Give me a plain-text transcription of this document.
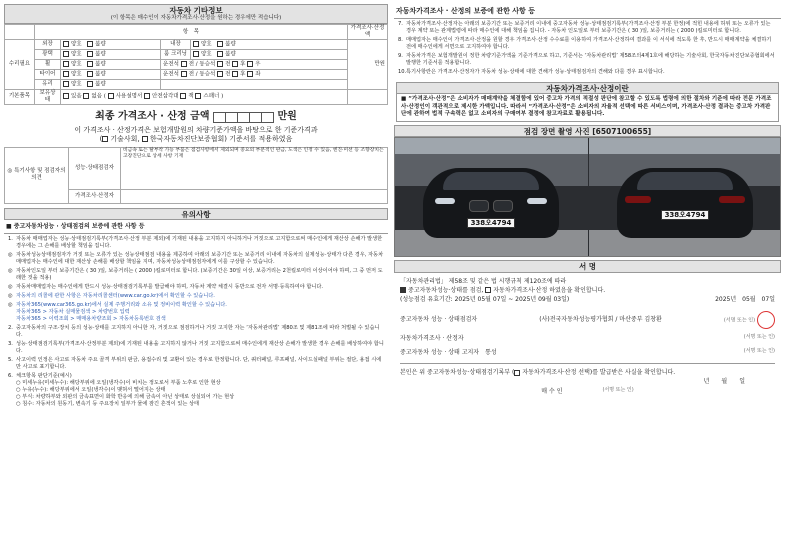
자동차 기타정보
(이 항목은 매수인이 자동차가격조사·산정을 원하는 경우에만 적습니다)
	항　목				가격조사·산정액
수리필요	외장	양호　 불량	내장	양호　 불량	만원
	광택	양호　 불량	룸 크리닝	양호　 불량	
	휠	양호　 불량	운전석 전 / 동승석 전 후 우		
	타이어	양호　 불량	운전석 전 / 동승석 전 후 좌		
	유리	양호　 불량			
기본품목	보유상태	있음 없음 ( 사용설명서 안전삼각대 잭 스패너 )			
최종 가격조사 · 산정 금액	만원
이 가격조사 · 산정가격은 보험개발원의 차량기준가액을 바탕으로 한 기준가격과
( 기술사회, 한국자동차진단보증협회) 기준서를 적용하였음
◎ 특기사항 및 점검자의 의견	성능·상태점검자	비금속 또는 탈부착 가능 부품은 점검사항에서 제외되며 중요의 부분적인 판금, 도색은 인정 수 있음, 엔진·미션 등 조향장치는 고장진단으로 상세 사항 기재
	가격조사·산정자	
유의사항
■ 중고자동차성능 · 상태점검의 보증에 관한 사항 등
1. 자동차 매매업자는 성능·상태점검기록부(가격조사·산정 부분 제외)에 기재된 내용을 고지하지 아니하거나 거짓으로 고지함으로써 매수인에게 재산상 손해가 발생한 경우에는 그 손해를 배상할 책임을 집니다.
◎ 자동차성능상태점검자가 거짓 또는 오류가 있는 성능상태점검 내용을 제공하여 아래의 보증기간 또는 보증거리 이내에 자동차의 실제성능·상태가 다른 경우, 자동차매매업자는 매수인에 대한 재산상 손해를 배상할 책임을 지며, 자동차성능상태점검자에게 이를 구상할 수 있습니다.
◎ 자동차인도일 부터 보증기간은 ( 30 )일, 보증거리는 ( 2000 )킬로미터로 합니다. (보증기간은 30일 이상, 보증거리는 2천킬로미터 이상이어야 하며, 그 중 먼저 도래한 것을 적용)
◎ 자동차매매업자는 매수인에게 반드시 성능·상태점검기록부를 발급해야 하며, 자동차 계약 체결시 동반으로 전자 서명·등록하여야 합니다.
◎ 자동차의 리콜에 관한 사항은 자동차리콜센터(www.car.go.kr)에서 확인할 수 있습니다.
◎ 자동차365(www.car365.go.kr)에서 실제 주행거리와 소유 및 정비이력 확인할 수 있습니다.
자동차365 > 자동차 실매물검색 > 차량번호 입력
자동차365 > 이력조회 > 매매용차량조회 > 자동차등록번호 검색
2. 중고자동차의 구조·장치 등의 성능·상태를 고지하지 아니한 자, 거짓으로 점검하거나 거짓 고지한 자는 ‘자동차관리법’ 제80조 및 제81조에 따라 처벌될 수 있습니다.
3. 성능·상태점검기록부(가격조사·산정부분 제외)에 기재된 내용을 고지하지 않거나 거짓 고지함으로써 매수인에게 재산상 손해가 발생한 경우 손해를 배상하여야 합니다.
5. 사고이력 인정은 사고로 자동차 주요 골격 부위의 판금, 용접수리 및 교환이 있는 경우로 한정합니다. 단, 쿼터패널, 루프패널, 사이드실패널 부위는 절단, 용접 시에만 사고로 표기합니다.
6. 체크항목 판단기준(예시)
○ 미세누유(미세누수): 해당부위에 오일(냉각수)이 비치는 정도로서 부품 노후로 인한 현상
○ 누유(누수): 해당부위에서 오일(냉각수)이 맺혀서 떨어지는 상태
○ 부식: 차량하부와 외판의 금속표면이 화학 반응에 의해 금속이 아닌 상태로 상실되어 가는 현상
○ 침수: 자동차의 원동기, 변속기 등 주요장치 일부가 물에 잠긴 흔적이 있는 상태
자동차가격조사 · 산정의 보증에 관한 사항 등
7. 자동차가격조사·산정자는 아래의 보증기간 또는 보증거리 이내에 중고자동차 성능·상태점검기록부(가격조사·산정 부분 한정)에 적힌 내용에 허위 또는 오류가 있는 경우 계약 또는 관계법령에 따라 매수인에 대해 책임을 집니다. - 자동차 인도일로 부터 보증기간은 ( 30 )일, 보증거리는 ( 2000 )킬로미터로 합니다.
8. 매매업자는 매수인이 가격조사·산정을 원할 경우 가격조사·산정 수수료를 이용하여 가격조사·산정하여 결과를 이 서식에 적도록 한 후, 반드시 매매계약을 체결하기 전에 매수인에게 서면으로 고지하여야 합니다.
9. 자동차가격은 보험개발원이 정한 차량기준가액을 기준가격으로 하고, 기준서는 ‘자동차관리법’ 제58조의4제1호에 해당하는 기술사회, 한국자동차진단보증협회에서 발행한 기준서를 적용합니다.
10. 특기사항란은 가격조사·산정자가 자동차 성능·상태에 대한 견해가 성능·상태점검자의 견해와 다를 경우 표시합니다.
자동차가격조사·산정이란
■ “가격조사·산정”은 소비자가 매매계약을 체결함에 있어 중고차 가격의 적절성 판단에 참고할 수 있도록 법령에 의한 절차와 기준에 따라 전문 가격조사·산정인이 객관적으로 제시한 가액입니다. 따라서 “가격조사·산정”은 소비자의 자율적 선택에 따른 서비스이며, 가격조사·산정 결과는 중고차 가격판단에 관하여 법적 구속력은 없고 소비자의 구매여부 결정에 참고자료로 활용됩니다.
점검 장면 촬영 사진 [6507100655]
338오4794
338오4794
서 명
「자동차관리법」 제58조 및 같은 법 시행규칙 제120조에 따라
중고자동차성능·상태를 점검, 자동차가격조사·산정 하였음을 확인합니다.
(성능점검 유효기간: 2025년 05월 07일 ~ 2025년 09월 03일)	2025년　05월　07일
중고자동차 성능 · 상태점검자	(사)전국자동차성능평가협회 / 마산중부 김창환	(서명 또는 인)
자동차가격조사 · 산정자	(서명 또는 인)
중고자동차 성능 · 상태 고지자　 통성	(서명 또는 인)
본인은 위 중고자동차성능·상태점검기록부 ( 자동차가격조사·산정 선택)를 발급받은 사실을 확인합니다.
년　　월　　일
매 수 인	(서명 또는 인)
